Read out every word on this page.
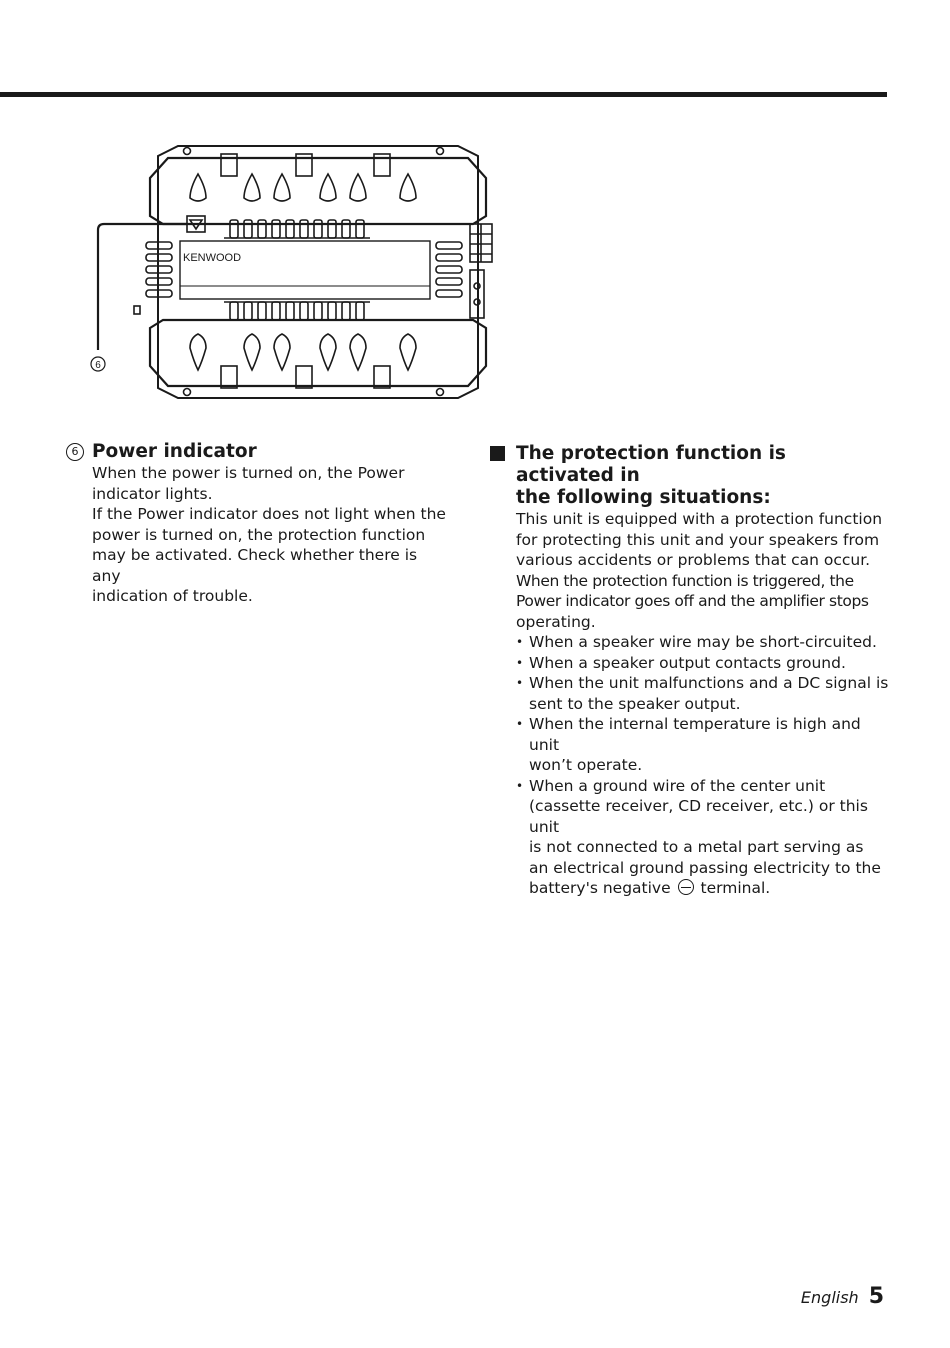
KENWOOD
6
6 Power indicator
When the power is turned on, the Power
indicator lights.
If the Power indicator does not light when the
power is turned on, the protection function
may be activated. Check whether there is any
indication of trouble.
The protection function is activated in
the following situations:
This unit is equipped with a protection function
for protecting this unit and your speakers from
various accidents or problems that can occur.
When the protection function is triggered, the
Power indicator goes off and the amplifier stops
operating.
• When a speaker wire may be short-circuited.
• When a speaker output contacts ground.
• When the unit malfunctions and a DC signal is
sent to the speaker output.
• When the internal temperature is high and unit
won’t operate.
• When a ground wire of the center unit
(cassette receiver, CD receiver, etc.) or this unit
is not connected to a metal part serving as
an electrical ground passing electricity to the
battery's negative terminal.
English 5
